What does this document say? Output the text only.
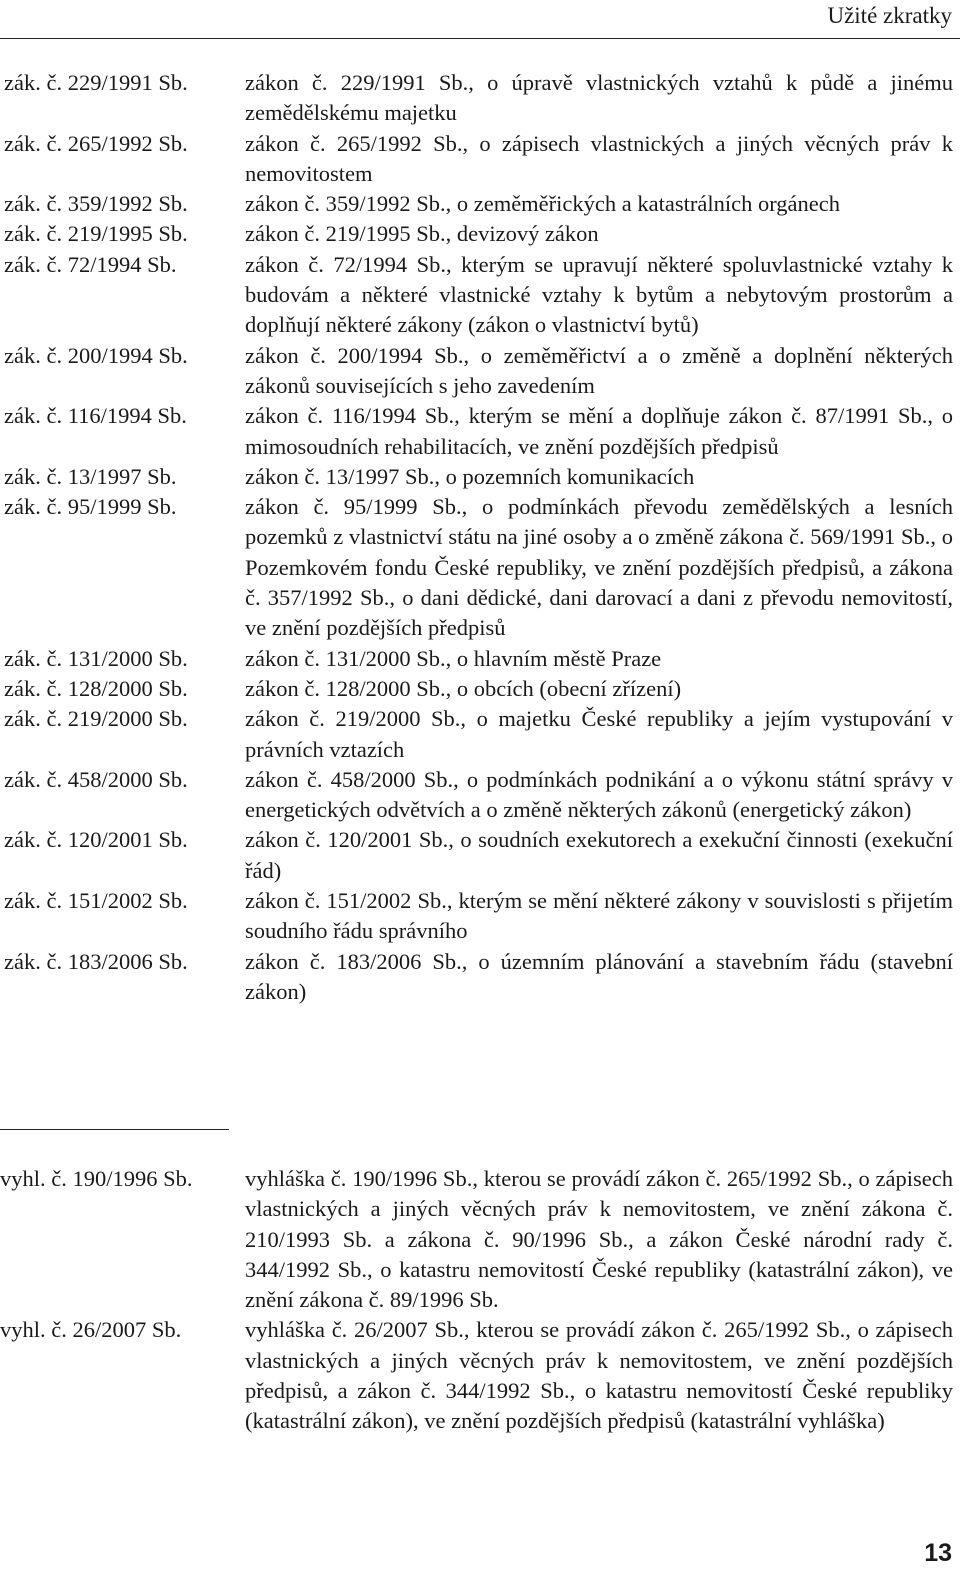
Užité zkratky
zák. č. 229/1991 Sb.	zákon č. 229/1991 Sb., o úpravě vlastnických vztahů k půdě a jinému zemědělskému majetku
zák. č. 265/1992 Sb.	zákon č. 265/1992 Sb., o zápisech vlastnických a jiných věcných práv k nemovitostem
zák. č. 359/1992 Sb.	zákon č. 359/1992 Sb., o zeměměřických a katastrálních orgánech
zák. č. 219/1995 Sb.	zákon č. 219/1995 Sb., devizový zákon
zák. č. 72/1994 Sb.	zákon č. 72/1994 Sb., kterým se upravují některé spoluvlastnické vztahy k budovám a některé vlastnické vztahy k bytům a nebytovým prostorům a doplňují některé zákony (zákon o vlastnictví bytů)
zák. č. 200/1994 Sb.	zákon č. 200/1994 Sb., o zeměměřictví a o změně a doplnění některých zákonů souvisejících s jeho zavedením
zák. č. 116/1994 Sb.	zákon č. 116/1994 Sb., kterým se mění a doplňuje zákon č. 87/1991 Sb., o mimosoudních rehabilitacích, ve znění pozdějších předpisů
zák. č. 13/1997 Sb.	zákon č. 13/1997 Sb., o pozemních komunikacích
zák. č. 95/1999 Sb.	zákon č. 95/1999 Sb., o podmínkách převodu zemědělských a lesních pozemků z vlastnictví státu na jiné osoby a o změně zákona č. 569/1991 Sb., o Pozemkovém fondu České republiky, ve znění pozdějších předpisů, a zákona č. 357/1992 Sb., o dani dědické, dani darovací a dani z převodu nemovitostí, ve znění pozdějších předpisů
zák. č. 131/2000 Sb.	zákon č. 131/2000 Sb., o hlavním městě Praze
zák. č. 128/2000 Sb.	zákon č. 128/2000 Sb., o obcích (obecní zřízení)
zák. č. 219/2000 Sb.	zákon č. 219/2000 Sb., o majetku České republiky a jejím vystupování v právních vztazích
zák. č. 458/2000 Sb.	zákon č. 458/2000 Sb., o podmínkách podnikání a o výkonu státní správy v energetických odvětvích a o změně některých zákonů (energetický zákon)
zák. č. 120/2001 Sb.	zákon č. 120/2001 Sb., o soudních exekutorech a exekuční činnosti (exekuční řád)
zák. č. 151/2002 Sb.	zákon č. 151/2002 Sb., kterým se mění některé zákony v souvislosti s přijetím soudního řádu správního
zák. č. 183/2006 Sb.	zákon č. 183/2006 Sb., o územním plánování a stavebním řádu (stavební zákon)
vyhl. č. 190/1996 Sb.	vyhláška č. 190/1996 Sb., kterou se provádí zákon č. 265/1992 Sb., o zápisech vlastnických a jiných věcných práv k nemovitostem, ve znění zákona č. 210/1993 Sb. a zákona č. 90/1996 Sb., a zákon České národní rady č. 344/1992 Sb., o katastru nemovitostí České republiky (katastrální zákon), ve znění zákona č. 89/1996 Sb.
vyhl. č. 26/2007 Sb.	vyhláška č. 26/2007 Sb., kterou se provádí zákon č. 265/1992 Sb., o zápisech vlastnických a jiných věcných práv k nemovitostem, ve znění pozdějších předpisů, a zákon č. 344/1992 Sb., o katastru nemovitostí České republiky (katastrální zákon), ve znění pozdějších předpisů (katastrální vyhláška)
13
